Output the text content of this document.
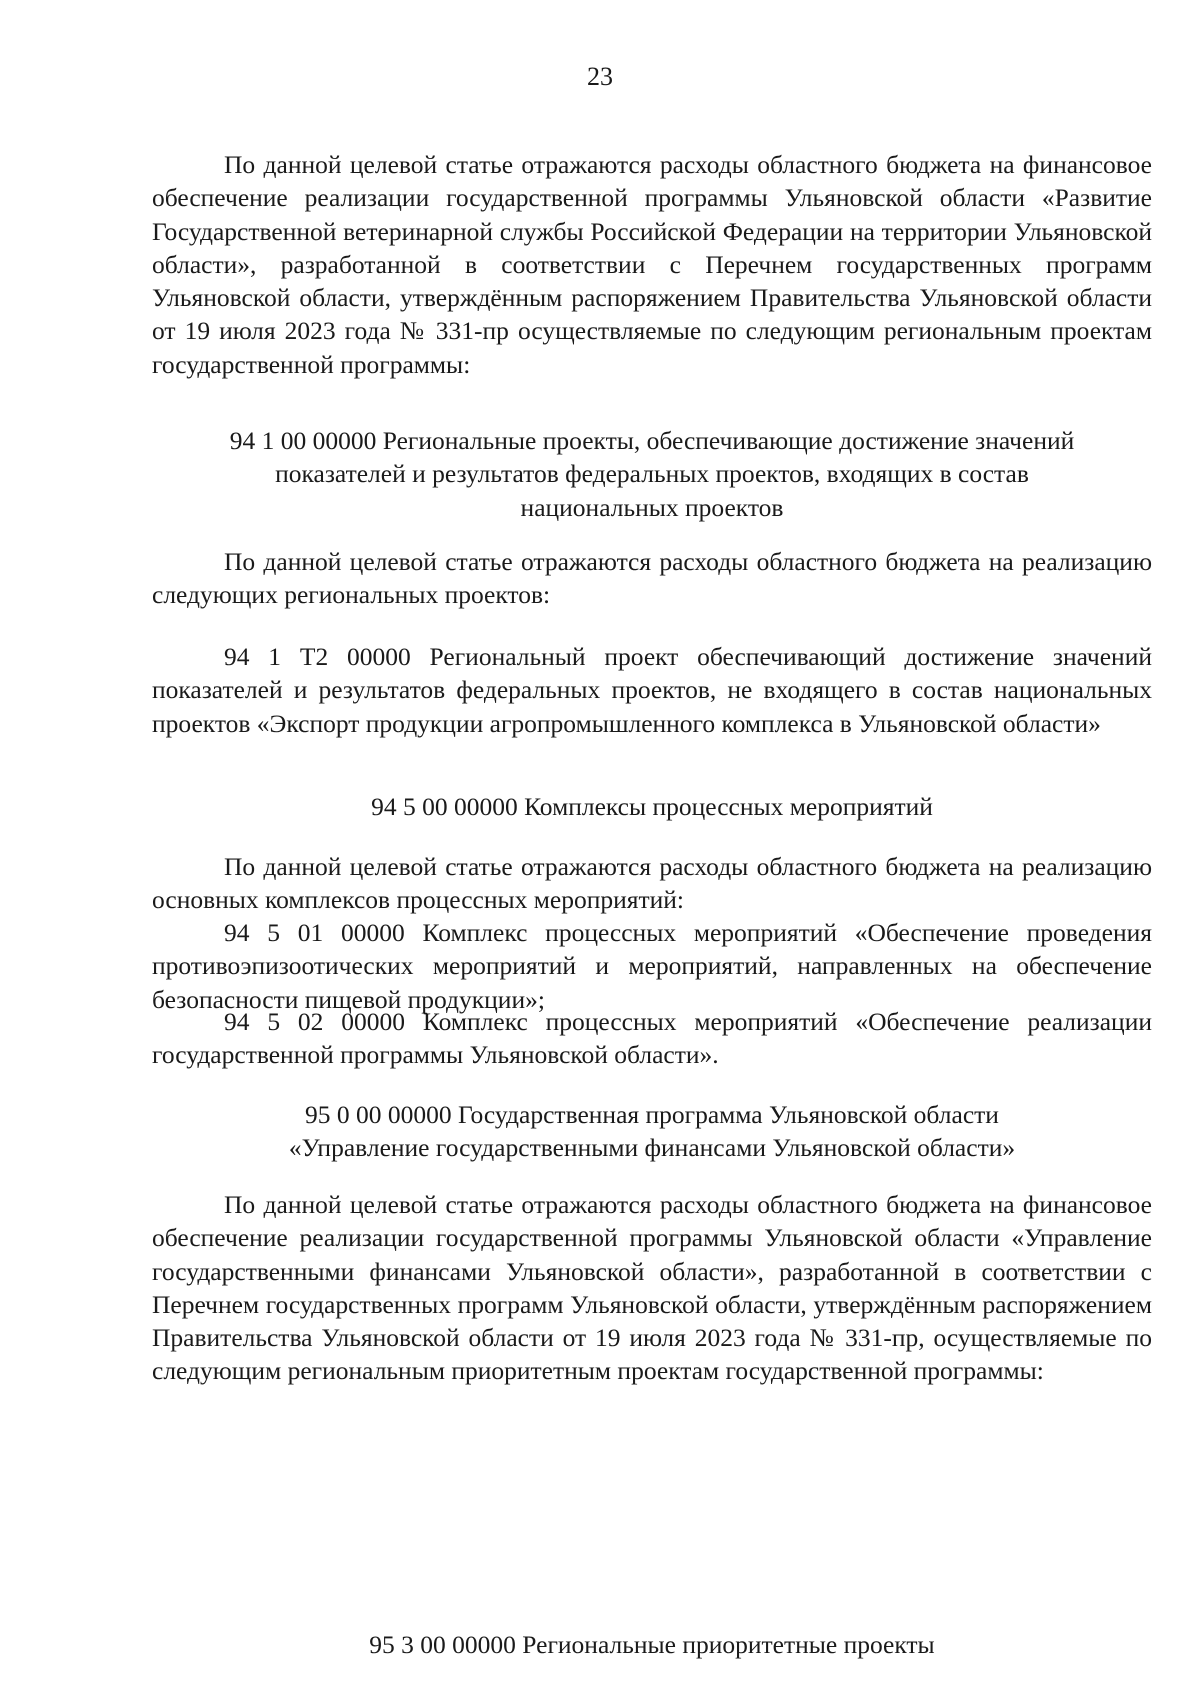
23

По данной целевой статье отражаются расходы областного бюджета на финансовое обеспечение реализации государственной программы Ульяновской области «Развитие Государственной ветеринарной службы Российской Федерации на территории Ульяновской области», разработанной в соответствии с Перечнем государственных программ Ульяновской области, утверждённым распоряжением Правительства Ульяновской области от 19 июля 2023 года № 331-пр осуществляемые по следующим региональным проектам государственной программы:

94 1 00 00000 Региональные проекты, обеспечивающие достижение значений
показателей и результатов федеральных проектов, входящих в состав
национальных проектов

По данной целевой статье отражаются расходы областного бюджета на реализацию следующих региональных проектов:

94 1 Т2 00000 Региональный проект обеспечивающий достижение значений показателей и результатов федеральных проектов, не входящего в состав национальных проектов «Экспорт продукции агропромышленного комплекса в Ульяновской области»

94 5 00 00000 Комплексы процессных мероприятий

По данной целевой статье отражаются расходы областного бюджета на реализацию основных комплексов процессных мероприятий:

94 5 01 00000 Комплекс процессных мероприятий «Обеспечение проведения противоэпизоотических мероприятий и мероприятий, направленных на обеспечение безопасности пищевой продукции»;

94 5 02 00000 Комплекс процессных мероприятий «Обеспечение реализации государственной программы Ульяновской области».

95 0 00 00000 Государственная программа Ульяновской области
«Управление государственными финансами Ульяновской области»

По данной целевой статье отражаются расходы областного бюджета на финансовое обеспечение реализации государственной программы Ульяновской области «Управление государственными финансами Ульяновской области», разработанной в соответствии с Перечнем государственных программ Ульяновской области, утверждённым распоряжением Правительства Ульяновской области от 19 июля 2023 года № 331-пр, осуществляемые по следующим региональным приоритетным проектам государственной программы:

95 3 00 00000 Региональные приоритетные проекты
